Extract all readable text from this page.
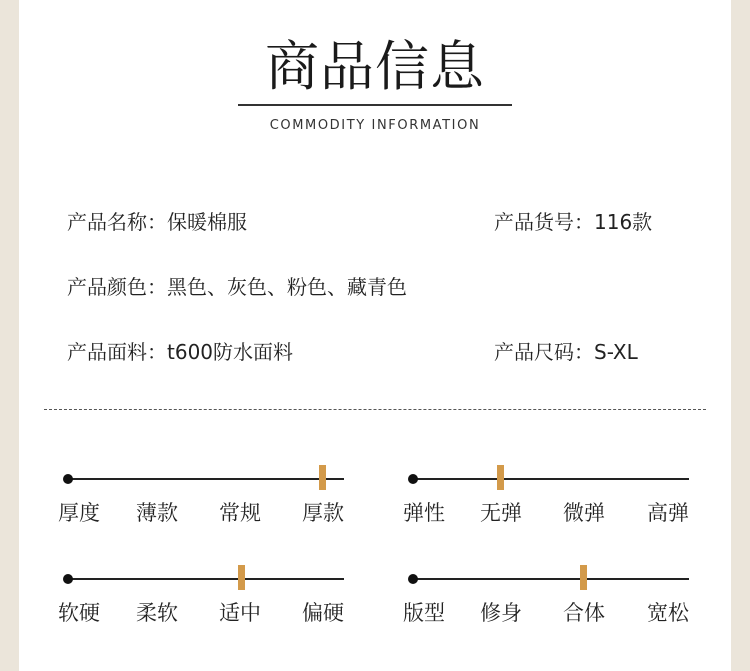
商品信息
COMMODITY INFORMATION
产品名称：保暖棉服	产品货号：116款
产品颜色：黑色、灰色、粉色、藏青色
产品面料：t600防水面料	产品尺码：S-XL
厚度 薄款 常规 厚款	弹性 无弹 微弹 高弹
软硬 柔软 适中 偏硬	版型 修身 合体 宽松
